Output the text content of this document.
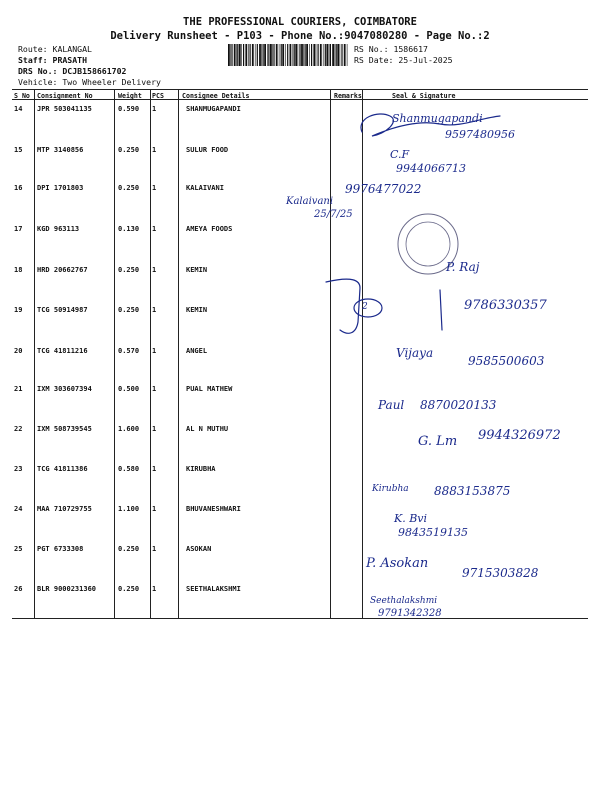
THE PROFESSIONAL COURIERS, COIMBATORE
Delivery Runsheet - P103 - Phone No.:9047080280 - Page No.:2
Route: KALANGAL
Staff: PRASATH
DRS No.: DCJB158661702
Vehicle: Two Wheeler Delivery
RS No.: 1586617
RS Date: 25-Jul-2025
S No Consignment No	Weight PCS	Consignee Details	Remarks	Seal & Signature
14 JPR 503041135	0.590 1	SHANMUGAPANDI
15 MTP 3140856	0.250 1	SULUR FOOD
16 DPI 1701803	0.250 1	KALAIVANI
17 KGD 963113	0.130 1	AMEYA FOODS
18 HRD 20662767	0.250 1	KEMIN
19 TCG 50914987	0.250 1	KEMIN
20 TCG 41811216	0.570 1	ANGEL
21 IXM 303607394	0.500 1	PUAL MATHEW
22 IXM 508739545	1.600 1	AL N MUTHU
23 TCG 41811386	0.580 1	KIRUBHA
24 MAA 710729755	1.100 1	BHUVANESHWARI
25 PGT 6733308	0.250 1	ASOKAN
26 BLR 9000231360	0.250 1	SEETHALAKSHMI
9597480956
Shanmugapandi
C.F
9944066713
9976477022
Kalaivani
25/7/25
P. Raj
2	9786330357
Vijaya
9585500603
Paul 8870020133
G. Lm 9944326972
Kirubha 8883153875
K. Bvi
9843519135
P. Asokan
9715303828
Seethalakshmi
9791342328
